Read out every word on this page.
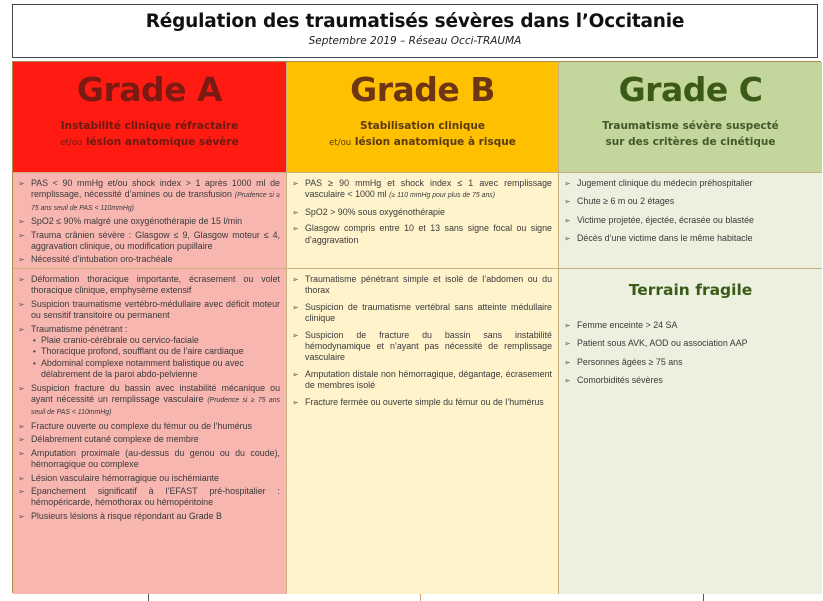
Régulation des traumatisés sévères dans l’Occitanie
Septembre 2019 – Réseau Occi-TRAUMA
Grade A
Instabilité clinique réfractaire
et/ou lésion anatomique sévère
Grade B
Stabilisation clinique
et/ou lésion anatomique à risque
Grade C
Traumatisme sévère suspecté
sur des critères de cinétique
➢ PAS < 90 mmHg et/ou shock index > 1 après 1000 ml de remplissage, nécessité d’amines ou de transfusion (Prudence si ≥ 75 ans seuil de PAS < 110mmHg)
➢ SpO2 ≤ 90% malgré une oxygénothérapie de 15 l/min
➢ Trauma crânien sévère : Glasgow ≤ 9, Glasgow moteur ≤ 4, aggravation clinique, ou modification pupillaire
➢ Nécessité d’intubation oro-trachéale
➢ PAS ≥ 90 mmHg et shock index ≤ 1 avec remplissage vasculaire < 1000 ml (≥ 110 mmHg pour plus de 75 ans)
➢ SpO2 > 90% sous oxygénothérapie
➢ Glasgow compris entre 10 et 13 sans signe focal ou signe d’aggravation
➢ Jugement clinique du médecin préhospitalier
➢ Chute ≥ 6 m ou 2 étages
➢ Victime projetée, éjectée, écrasée ou blastée
➢ Décès d’une victime dans le même habitacle
➢ Déformation thoracique importante, écrasement ou volet thoracique clinique, emphysème extensif
➢ Suspicion traumatisme vertébro-médullaire avec déficit moteur ou sensitif transitoire ou permanent
➢ Traumatisme pénétrant :
• Plaie cranio-cérébrale ou cervico-faciale
• Thoracique profond, soufflant ou de l’aire cardiaque
• Abdominal complexe notamment balistique ou avec délabrement de la paroi abdo-pelvienne
➢ Suspicion fracture du bassin avec instabilité mécanique ou ayant nécessité un remplissage vasculaire (Prudence si ≥ 75 ans seuil de PAS < 110mmHg)
➢ Fracture ouverte ou complexe du fémur ou de l’humérus
➢ Délabrement cutané complexe de membre
➢ Amputation proximale (au-dessus du genou ou du coude), hémorragique ou complexe
➢ Lésion vasculaire hémorragique ou ischémiante
➢ Epanchement significatif à l’EFAST pré-hospitalier : hémopéricarde, hémothorax ou hémopéritoine
➢ Plusieurs lésions à risque répondant au Grade B
➢ Traumatisme pénétrant simple et isolé de l’abdomen ou du thorax
➢ Suspicion de traumatisme vertébral sans atteinte médullaire clinique
➢ Suspicion de fracture du bassin sans instabilité hémodynamique et n’ayant pas nécessité de remplissage vasculaire
➢ Amputation distale non hémorragique, dégantage, écrasement de membres isolé
➢ Fracture fermée ou ouverte simple du fémur ou de l’humérus
Terrain fragile
➢ Femme enceinte > 24 SA
➢ Patient sous AVK, AOD ou association AAP
➢ Personnes âgées ≥ 75 ans
➢ Comorbidités sévères
